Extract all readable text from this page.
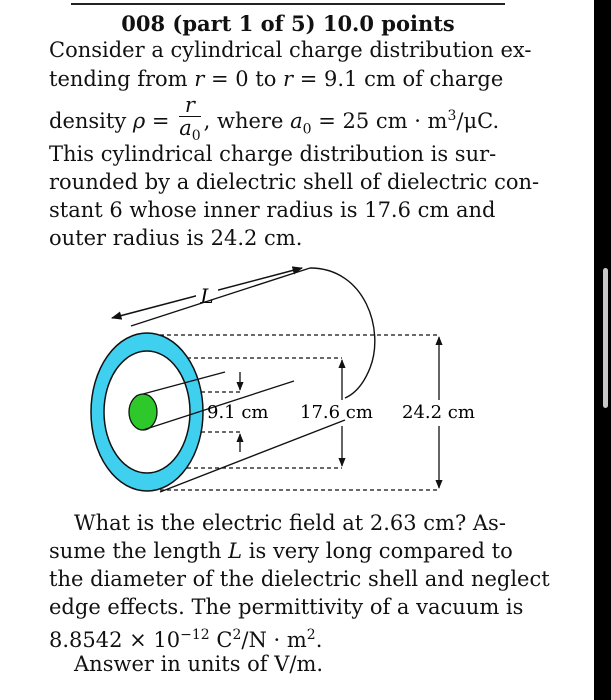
008 (part 1 of 5) 10.0 points
Consider a cylindrical charge distribution ex-
tending from r = 0 to r = 9.1 cm of charge
density $\rho = \frac{r}{a_0}$ , where $a_0 = 25$ cm · $m^3/\mu C$.
This cylindrical charge distribution is sur-
rounded by a dielectric shell of dielectric con-
stant 6 whose inner radius is 17.6 cm and
outer radius is 24.2 cm.
L
9.1 cm 17.6 cm 24.2 cm
What is the electric field at 2.63 cm? As-
sume the length L is very long compared to
the diameter of the dielectric shell and neglect
edge effects. The permittivity of a vacuum is
$8.8542 \times 10^{-12}$ $C^2/N \cdot m^2$.
Answer in units of V/m.
